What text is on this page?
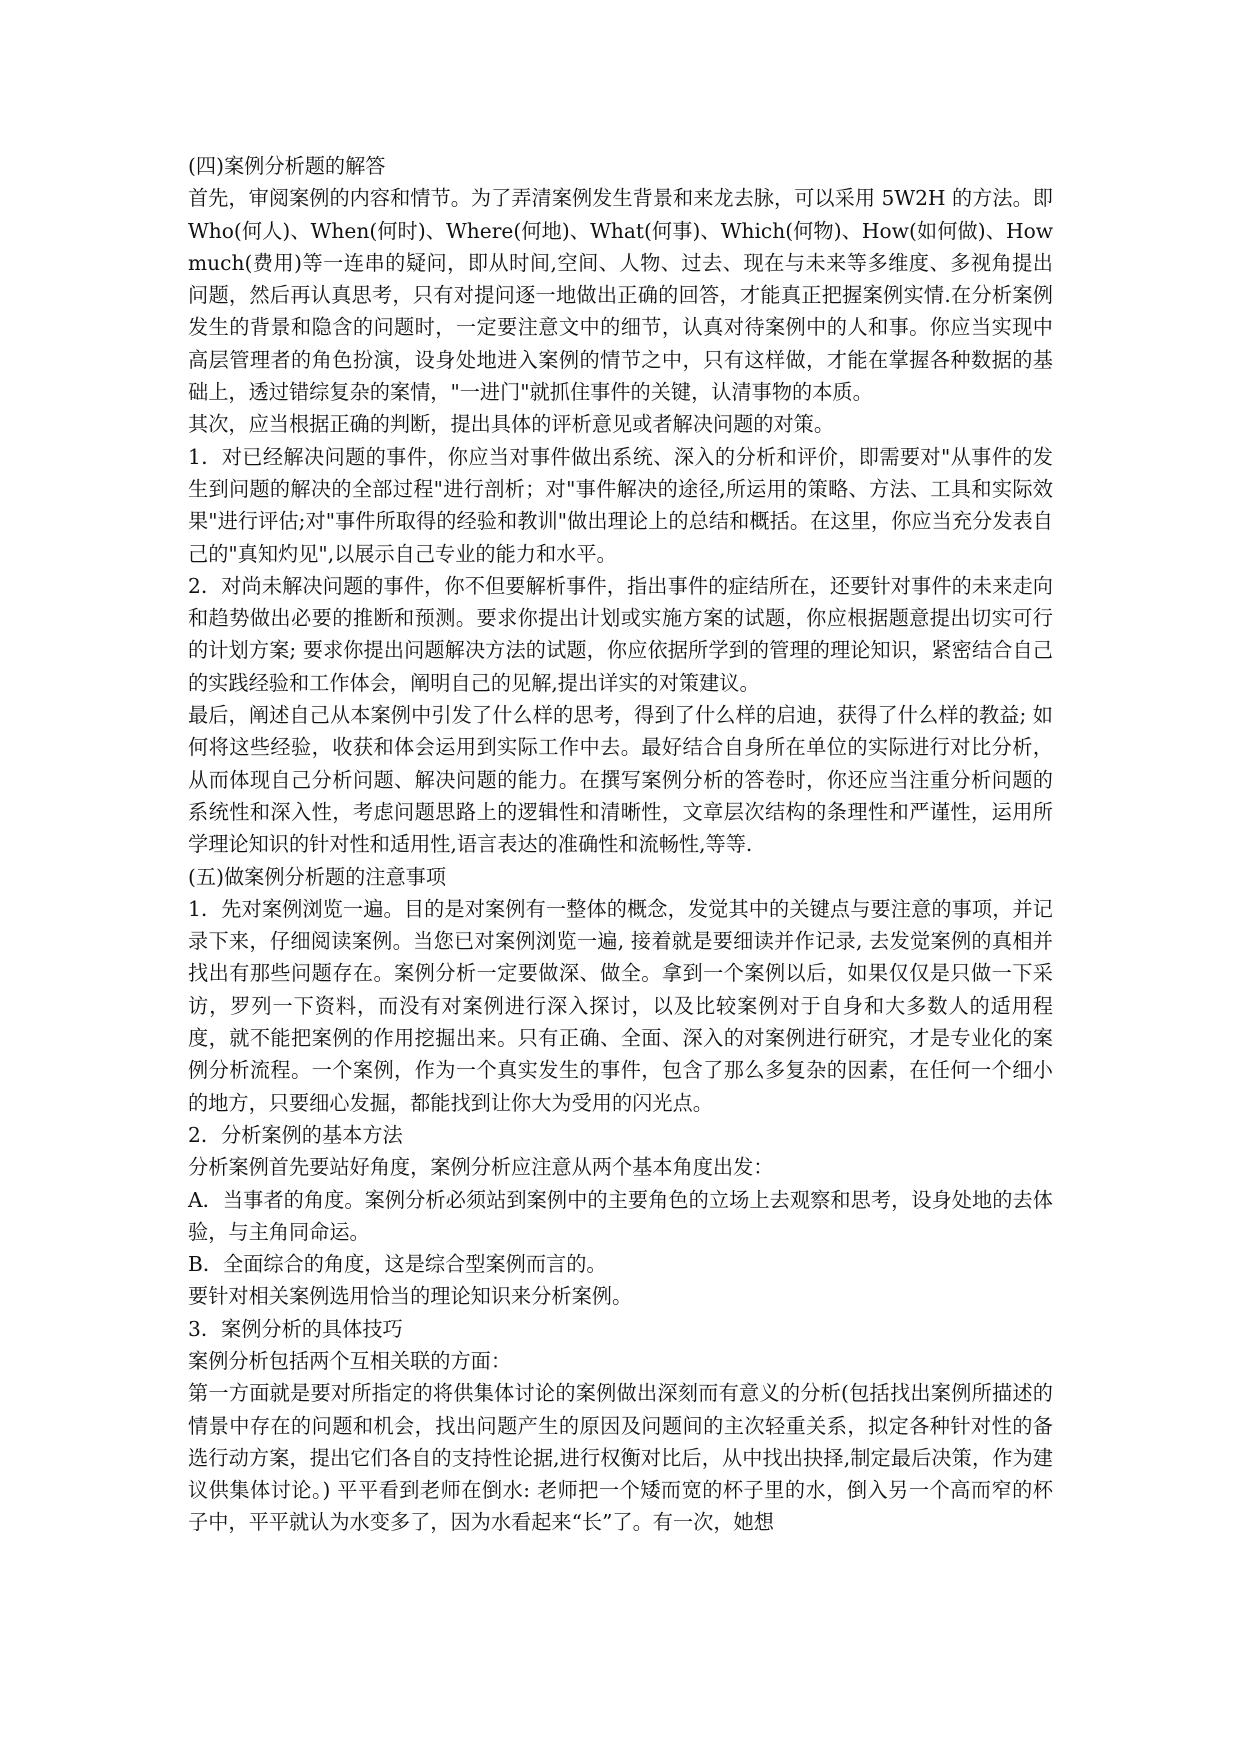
(四)案例分析题的解答

首先，审阅案例的内容和情节。为了弄清案例发生背景和来龙去脉，可以采用 5W2H 的方法。即 Who(何人)、When(何时)、Where(何地)、What(何事)、Which(何物)、How(如何做)、How much(费用)等一连串的疑问，即从时间,空间、人物、过去、现在与未来等多维度、多视角提出问题，然后再认真思考，只有对提问逐一地做出正确的回答，才能真正把握案例实情.在分析案例发生的背景和隐含的问题时，一定要注意文中的细节，认真对待案例中的人和事。你应当实现中高层管理者的角色扮演，设身处地进入案例的情节之中，只有这样做，才能在掌握各种数据的基础上，透过错综复杂的案情，"一进门"就抓住事件的关键，认清事物的本质。

其次，应当根据正确的判断，提出具体的评析意见或者解决问题的对策。

1．对已经解决问题的事件，你应当对事件做出系统、深入的分析和评价，即需要对"从事件的发生到问题的解决的全部过程"进行剖析；对"事件解决的途径,所运用的策略、方法、工具和实际效果"进行评估;对"事件所取得的经验和教训"做出理论上的总结和概括。在这里，你应当充分发表自己的"真知灼见",以展示自己专业的能力和水平。

2．对尚未解决问题的事件，你不但要解析事件，指出事件的症结所在，还要针对事件的未来走向和趋势做出必要的推断和预测。要求你提出计划或实施方案的试题，你应根据题意提出切实可行的计划方案; 要求你提出问题解决方法的试题，你应依据所学到的管理的理论知识，紧密结合自己的实践经验和工作体会，阐明自己的见解,提出详实的对策建议。

最后，阐述自己从本案例中引发了什么样的思考，得到了什么样的启迪，获得了什么样的教益; 如何将这些经验，收获和体会运用到实际工作中去。最好结合自身所在单位的实际进行对比分析，从而体现自己分析问题、解决问题的能力。在撰写案例分析的答卷时，你还应当注重分析问题的系统性和深入性，考虑问题思路上的逻辑性和清晰性，文章层次结构的条理性和严谨性，运用所学理论知识的针对性和适用性,语言表达的准确性和流畅性,等等.

(五)做案例分析题的注意事项

1．先对案例浏览一遍。目的是对案例有一整体的概念，发觉其中的关键点与要注意的事项，并记录下来，仔细阅读案例。当您已对案例浏览一遍, 接着就是要细读并作记录, 去发觉案例的真相并找出有那些问题存在。案例分析一定要做深、做全。拿到一个案例以后，如果仅仅是只做一下采访，罗列一下资料，而没有对案例进行深入探讨，以及比较案例对于自身和大多数人的适用程度，就不能把案例的作用挖掘出来。只有正确、全面、深入的对案例进行研究，才是专业化的案例分析流程。一个案例，作为一个真实发生的事件，包含了那么多复杂的因素，在任何一个细小的地方，只要细心发掘，都能找到让你大为受用的闪光点。

2．分析案例的基本方法

分析案例首先要站好角度，案例分析应注意从两个基本角度出发：

A．当事者的角度。案例分析必须站到案例中的主要角色的立场上去观察和思考，设身处地的去体验，与主角同命运。

B．全面综合的角度，这是综合型案例而言的。

要针对相关案例选用恰当的理论知识来分析案例。

3．案例分析的具体技巧

案例分析包括两个互相关联的方面：

第一方面就是要对所指定的将供集体讨论的案例做出深刻而有意义的分析(包括找出案例所描述的情景中存在的问题和机会，找出问题产生的原因及问题间的主次轻重关系，拟定各种针对性的备选行动方案，提出它们各自的支持性论据,进行权衡对比后，从中找出抉择,制定最后决策，作为建议供集体讨论。) 平平看到老师在倒水: 老师把一个矮而宽的杯子里的水，倒入另一个高而窄的杯子中，平平就认为水变多了，因为水看起来“长”了。有一次，她想
